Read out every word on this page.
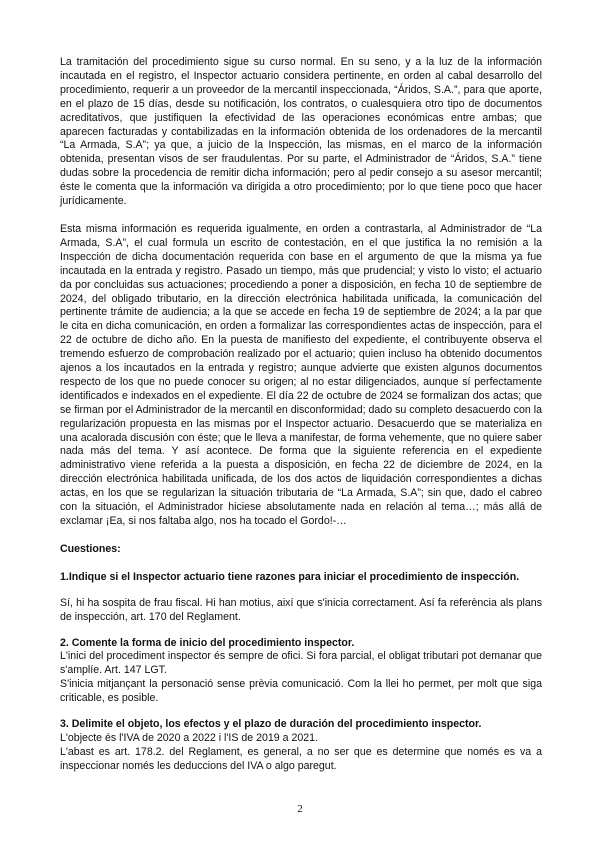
La tramitación del procedimiento sigue su curso normal. En su seno, y a la luz de la información incautada en el registro, el Inspector actuario considera pertinente, en orden al cabal desarrollo del procedimiento, requerir a un proveedor de la mercantil inspeccionada, “Áridos, S.A.”, para que aporte, en el plazo de 15 días, desde su notificación, los contratos, o cualesquiera otro tipo de documentos acreditativos, que justifiquen la efectividad de las operaciones económicas entre ambas; que aparecen facturadas y contabilizadas en la información obtenida de los ordenadores de la mercantil “La Armada, S.A”; ya que, a juicio de la Inspección, las mismas, en el marco de la información obtenida, presentan visos de ser fraudulentas. Por su parte, el Administrador de “Áridos, S.A.” tiene dudas sobre la procedencia de remitir dicha información; pero al pedir consejo a su asesor mercantil; éste le comenta que la información va dirigida a otro procedimiento; por lo que tiene poco que hacer jurídicamente.

Esta misma información es requerida igualmente, en orden a contrastarla, al Administrador de “La Armada, S.A”, el cual formula un escrito de contestación, en el que justifica la no remisión a la Inspección de dicha documentación requerida con base en el argumento de que la misma ya fue incautada en la entrada y registro. Pasado un tiempo, más que prudencial; y visto lo visto; el actuario da por concluidas sus actuaciones; procediendo a poner a disposición, en fecha 10 de septiembre de 2024, del obligado tributario, en la dirección electrónica habilitada unificada, la comunicación del pertinente trámite de audiencia; a la que se accede en fecha 19 de septiembre de 2024; a la par que le cita en dicha comunicación, en orden a formalizar las correspondientes actas de inspección, para el 22 de octubre de dicho año. En la puesta de manifiesto del expediente, el contribuyente observa el tremendo esfuerzo de comprobación realizado por el actuario; quien incluso ha obtenido documentos ajenos a los incautados en la entrada y registro; aunque advierte que existen algunos documentos respecto de los que no puede conocer su origen; al no estar diligenciados, aunque sí perfectamente identificados e indexados en el expediente. El día 22 de octubre de 2024 se formalizan dos actas; que se firman por el Administrador de la mercantil en disconformidad; dado su completo desacuerdo con la regularización propuesta en las mismas por el Inspector actuario. Desacuerdo que se materializa en una acalorada discusión con éste; que le lleva a manifestar, de forma vehemente, que no quiere saber nada más del tema. Y así acontece. De forma que la siguiente referencia en el expediente administrativo viene referida a la puesta a disposición, en fecha 22 de diciembre de 2024, en la dirección electrónica habilitada unificada, de los dos actos de liquidación correspondientes a dichas actas, en los que se regularizan la situación tributaria de “La Armada, S.A”; sin que, dado el cabreo con la situación, el Administrador hiciese absolutamente nada en relación al tema…; más allá de exclamar ¡Ea, si nos faltaba algo, nos ha tocado el Gordo!-…

Cuestiones:

1.Indique si el Inspector actuario tiene razones para iniciar el procedimiento de inspección.

Sí, hi ha sospita de frau fiscal. Hi han motius, així que s'inicia correctament. Así fa referència als plans de inspección, art. 170 del Reglament.

2. Comente la forma de inicio del procedimiento inspector.

L'inici del procediment inspector és sempre de ofici. Si fora parcial, el obligat tributari pot demanar que s'amplíe. Art. 147 LGT.

S'inicia mitjançant la personació sense prèvia comunicació. Com la llei ho permet, per molt que siga criticable, es posible.

3. Delimite el objeto, los efectos y el plazo de duración del procedimiento inspector.

L'objecte és l'IVA de 2020 a 2022 i l'IS de 2019 a 2021.

L'abast es art. 178.2. del Reglament, es general, a no ser que es determine que només es va a inspeccionar només les deduccions del IVA o algo paregut.

2
